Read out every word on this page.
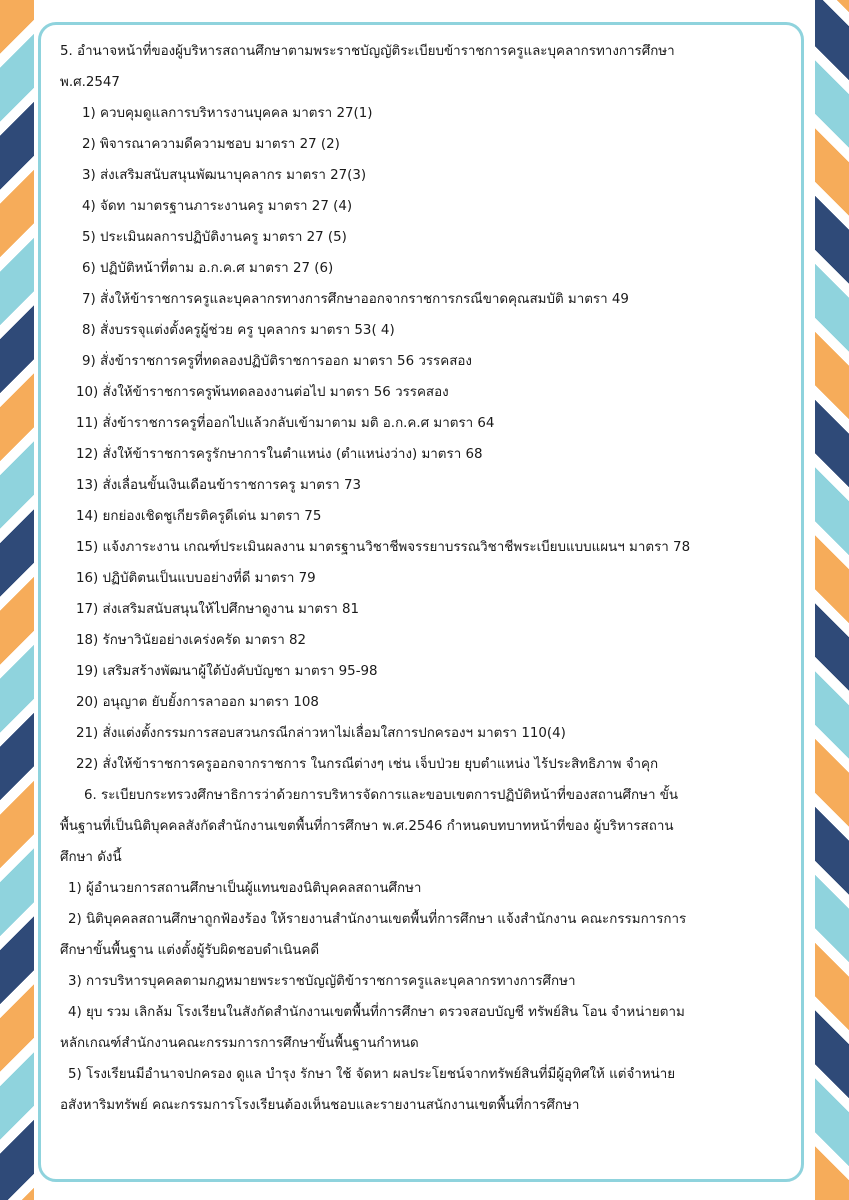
5. อำนาจหน้าที่ของผู้บริหารสถานศึกษาตามพระราชบัญญัติระเบียบข้าราชการครูและบุคลากรทางการศึกษา
พ.ศ.2547
1) ควบคุมดูแลการบริหารงานบุคคล มาตรา 27(1)
2) พิจารณาความดีความชอบ มาตรา 27 (2)
3) ส่งเสริมสนับสนุนพัฒนาบุคลากร มาตรา 27(3)
4) จัดท ามาตรฐานภาระงานครู มาตรา 27 (4)
5) ประเมินผลการปฏิบัติงานครู มาตรา 27 (5)
6) ปฏิบัติหน้าที่ตาม อ.ก.ค.ศ มาตรา 27 (6)
7) สั่งให้ข้าราชการครูและบุคลากรทางการศึกษาออกจากราชการกรณีขาดคุณสมบัติ มาตรา 49
8) สั่งบรรจุแต่งตั้งครูผู้ช่วย ครู บุคลากร มาตรา 53( 4)
9) สั่งข้าราชการครูที่ทดลองปฏิบัติราชการออก มาตรา 56 วรรคสอง
10) สั่งให้ข้าราชการครูพ้นทดลองงานต่อไป มาตรา 56 วรรคสอง
11) สั่งข้าราชการครูที่ออกไปแล้วกลับเข้ามาตาม มติ อ.ก.ค.ศ มาตรา 64
12) สั่งให้ข้าราชการครูรักษาการในตำแหน่ง (ตำแหน่งว่าง) มาตรา 68
13) สั่งเลื่อนขั้นเงินเดือนข้าราชการครู มาตรา 73
14) ยกย่องเชิดชูเกียรติครูดีเด่น มาตรา 75
15) แจ้งภาระงาน เกณฑ์ประเมินผลงาน มาตรฐานวิชาชีพจรรยาบรรณวิชาชีพระเบียบแบบแผนฯ มาตรา 78
16) ปฏิบัติตนเป็นแบบอย่างที่ดี มาตรา 79
17) ส่งเสริมสนับสนุนให้ไปศึกษาดูงาน มาตรา 81
18) รักษาวินัยอย่างเคร่งครัด มาตรา 82
19) เสริมสร้างพัฒนาผู้ใต้บังคับบัญชา มาตรา 95-98
20) อนุญาต ยับยั้งการลาออก มาตรา 108
21) สั่งแต่งตั้งกรรมการสอบสวนกรณีกล่าวหาไม่เลื่อมใสการปกครองฯ มาตรา 110(4)
22) สั่งให้ข้าราชการครูออกจากราชการ ในกรณีต่างๆ เช่น เจ็บป่วย ยุบตำแหน่ง ไร้ประสิทธิภาพ จำคุก
6. ระเบียบกระทรวงศึกษาธิการว่าด้วยการบริหารจัดการและขอบเขตการปฏิบัติหน้าที่ของสถานศึกษา ขั้น
พื้นฐานที่เป็นนิติบุคคลสังกัดสำนักงานเขตพื้นที่การศึกษา พ.ศ.2546 กำหนดบทบาทหน้าที่ของ ผู้บริหารสถาน
ศึกษา ดังนี้
1) ผู้อำนวยการสถานศึกษาเป็นผู้แทนของนิติบุคคลสถานศึกษา
2) นิติบุคคลสถานศึกษาถูกฟ้องร้อง ให้รายงานสำนักงานเขตพื้นที่การศึกษา แจ้งสำนักงาน คณะกรรมการการ
ศึกษาขั้นพื้นฐาน แต่งตั้งผู้รับผิดชอบดำเนินคดี
3) การบริหารบุคคลตามกฎหมายพระราชบัญญัติข้าราชการครูและบุคลากรทางการศึกษา
4) ยุบ รวม เลิกล้ม โรงเรียนในสังกัดสำนักงานเขตพื้นที่การศึกษา ตรวจสอบบัญชี ทรัพย์สิน โอน จำหน่ายตาม
หลักเกณฑ์สำนักงานคณะกรรมการการศึกษาขั้นพื้นฐานกำหนด
5) โรงเรียนมีอำนาจปกครอง ดูแล บำรุง รักษา ใช้ จัดหา ผลประโยชน์จากทรัพย์สินที่มีผู้อุทิศให้ แต่จำหน่าย
อสังหาริมทรัพย์ คณะกรรมการโรงเรียนต้องเห็นชอบและรายงานสนักงานเขตพื้นที่การศึกษา
